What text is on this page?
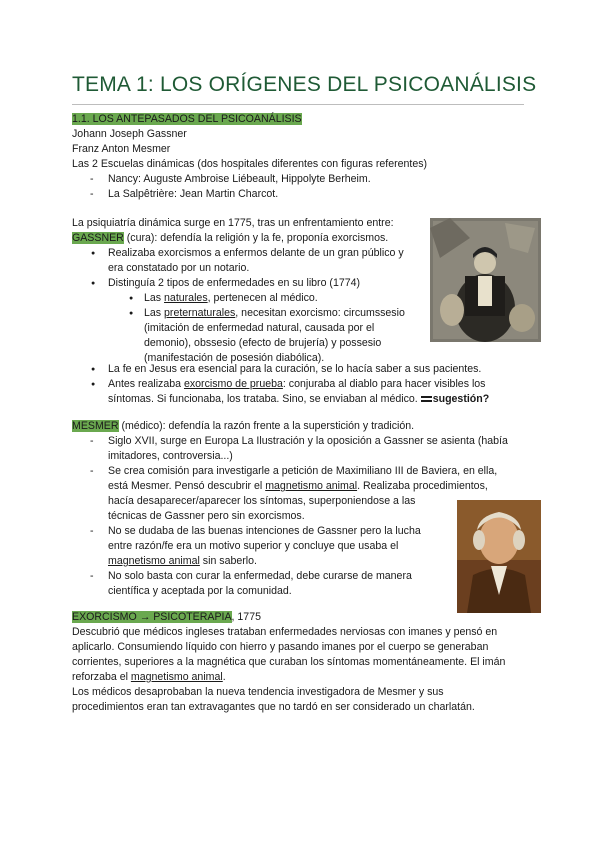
TEMA 1: LOS ORÍGENES DEL PSICOANÁLISIS
1.1. LOS ANTEPASADOS DEL PSICOANÁLISIS
Johann Joseph Gassner
Franz Anton Mesmer
Las 2 Escuelas dinámicas (dos hospitales diferentes con figuras referentes)
- Nancy: Auguste Ambroise Liébeault, Hippolyte Berheim.
- La Salpêtrière: Jean Martin Charcot.
La psiquiatría dinámica surge en 1775, tras un enfrentamiento entre:
GASSNER (cura): defendía la religión y la fe, proponía exorcismos.
● Realizaba exorcismos a enfermos delante de un gran público y
era constatado por un notario.
● Distinguía 2 tipos de enfermedades en su libro (1774)
● Las naturales, pertenecen al médico.
● Las preternaturales, necesitan exorcismo: circumssesio
(imitación de enfermedad natural, causada por el
demonio), obssesio (efecto de brujería) y possesio
(manifestación de posesión diabólica).
● La fe en Jesus era esencial para la curación, se lo hacía saber a sus pacientes.
● Antes realizaba exorcismo de prueba: conjuraba al diablo para hacer visibles los
síntomas. Si funcionaba, los trataba. Sino, se enviaban al médico. sugestión?
MESMER (médico): defendía la razón frente a la superstición y tradición.
- Siglo XVII, surge en Europa La Ilustración y la oposición a Gassner se asienta (había
imitadores, controversia...)
- Se crea comisión para investigarle a petición de Maximiliano III de Baviera, en ella,
está Mesmer. Pensó descubrir el magnetismo animal. Realizaba procedimientos,
hacía desaparecer/aparecer los síntomas, superponiendose a las
técnicas de Gassner pero sin exorcismos.
- No se dudaba de las buenas intenciones de Gassner pero la lucha
entre razón/fe era un motivo superior y concluye que usaba el
magnetismo animal sin saberlo.
- No solo basta con curar la enfermedad, debe curarse de manera
científica y aceptada por la comunidad.
EXORCISMO → PSICOTERAPIA, 1775
Descubrió que médicos ingleses trataban enfermedades nerviosas con imanes y pensó en
aplicarlo. Consumiendo líquido con hierro y pasando imanes por el cuerpo se generaban
corrientes, superiores a la magnética que curaban los síntomas momentáneamente. El imán
reforzaba el magnetismo animal.
Los médicos desaprobaban la nueva tendencia investigadora de Mesmer y sus
procedimientos eran tan extravagantes que no tardó en ser considerado un charlatán.
